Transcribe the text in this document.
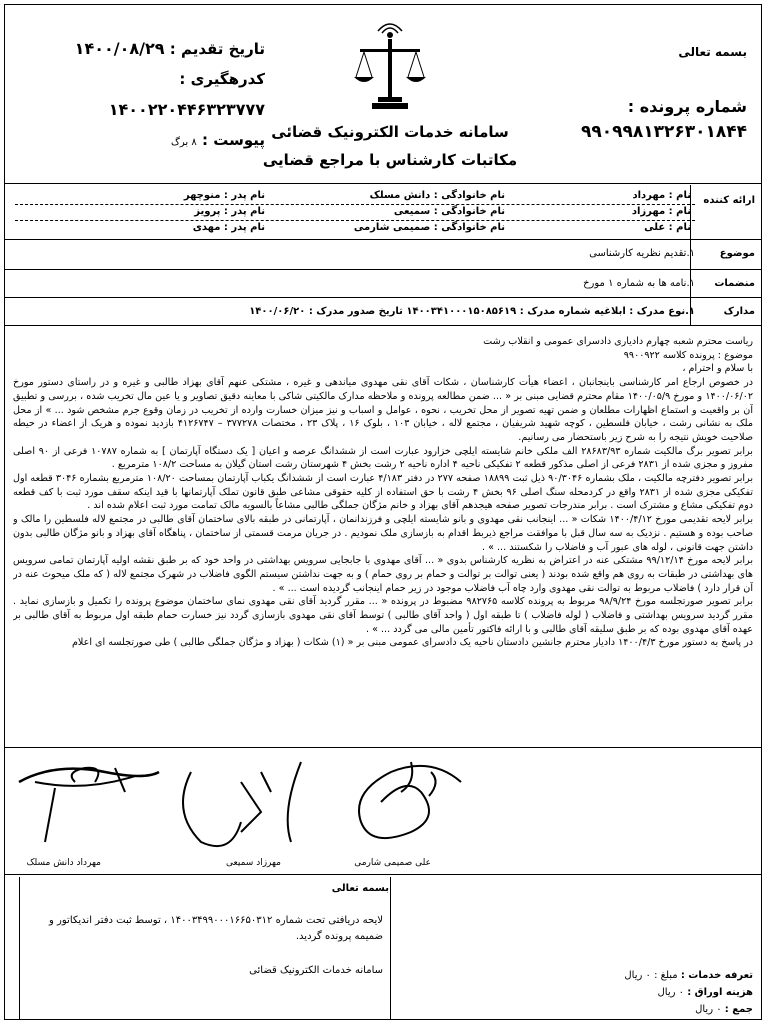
بسمه تعالی
شماره پرونده :
۹۹۰۹۹۸۱۳۲۶۳۰۱۸۴۴
سامانه خدمات الکترونیک قضائی
مکاتبات کارشناس با مراجع قضایی
تاریخ تقدیم : ۱۴۰۰/۰۸/۲۹
کدرهگیری :
۱۴۰۰۲۲۰۴۴۶۳۲۳۷۷۷
پیوست : ۸ برگ
ارائه کننده
نام : مهرداد
نام خانوادگی : دانش مسلک
نام پدر : منوچهر
نام : مهرزاد
نام خانوادگی : سمیعی
نام پدر : پرویز
نام : علی
نام خانوادگی : صمیمی شارمی
نام پدر : مهدی
موضوع
۱.تقدیم نظریه کارشناسی
منضمات
۱.نامه ها به شماره ۱ مورخ
مدارک
۱.نوع مدرک : ابلاغیه شماره مدرک : ۱۴۰۰۳۴۱۰۰۰۱۵۰۸۵۶۱۹ تاریخ صدور مدرک : ۱۴۰۰/۰۶/۲۰

ریاست محترم شعبه چهارم دادیاری دادسرای عمومی و انقلاب رشت

موضوع : پرونده کلاسه ۹۹۰۰۹۲۲

با سلام و احترام ،

در خصوص ارجاع امر کارشناسی باینجانبان ، اعضاء هیأت کارشناسان ، شکات آقای نقی مهدوی میاندهی و غیره ، مشتکی عنهم آقای بهزاد طالبی و غیره و در راستای دستور مورخ ۱۴۰۰/۰۶/۰۲ و مورخ ۱۴۰۰/۰۵/۹ مقام محترم قضایی مبنی بر « ... ضمن مطالعه پرونده و ملاحظه مدارک مالکیتی شاکی با معاینه دقیق تصاویر و یا عین مال تخریب شده ، بررسی و تطبیق آن بر واقعیت و استماع اظهارات مطلعان و ضمن تهیه تصویر از محل تخریب ، نحوه ، عوامل و اسباب و نیز میزان خسارت وارده از تخریب در زمان وقوع جرم مشخص شود ... » از محل ملک به نشانی رشت ، خیابان فلسطین ، کوچه شهید شریفیان ، مجتمع لاله ، خیابان ۱۰۳ ، بلوک ۱۶ ، پلاک ۲۳ ، مختصات ۳۷۷۲۷۸ – ۴۱۲۶۷۴۷ بازدید نموده و هریک از اعضاء در حیطه صلاحیت خویش نتیجه را به شرح زیر باستحضار می رسانیم.

برابر تصویر برگ مالکیت شماره ۲۸۶۸۳/۹۳ الف ملکی خانم شایسته ایلچی خزارود عبارت است از ششدانگ عرصه و اعیان [ یک دستگاه آپارتمان ] به شماره ۱۰۷۸۷ فرعی از ۹۰ اصلی مفروز و مجزی شده از ۲۸۳۱ فرعی از اصلی مذکور قطعه ۲ تفکیکی ناحیه ۴ اداره ناحیه ۲ رشت بخش ۴ شهرستان رشت استان گیلان به مساحت ۱۰۸/۲ مترمربع .

برابر تصویر دفترچه مالکیت ، ملک بشماره ۹۰/۳۰۴۶ ذیل ثبت ۱۸۸۹۹ صفحه ۲۷۷ در دفتر ۴/۱۸۳ عبارت است از ششدانگ یکباب آپارتمان بمساحت ۱۰۸/۲۰ مترمربع بشماره ۳۰۴۶ قطعه اول تفکیکی مجزی شده از ۲۸۳۱ واقع در کردمحله سنگ اصلی ۹۶ بخش ۴ رشت با حق استفاده از کلیه حقوقی مشاعی طبق قانون تملک آپارتمانها با قید اینکه سقف مورد ثبت با کف قطعه دوم تفکیکی مشاع و مشترک است . برابر مندرجات تصویر صفحه هیجدهم آقای بهزاد و خانم مژگان جملگی طالبی مشاعاً بالسویه مالک تمامت مورد ثبت اعلام شده اند .

برابر لایحه تقدیمی مورخ ۱۴۰۰/۴/۱۲ شکات « ... اینجانب نقی مهدوی و بانو شایسته ایلچی و فرزندانمان ، آپارتمانی در طبقه بالای ساختمان آقای طالبی در مجتمع لاله فلسطین را مالک و صاحب بوده و هستیم . نزدیک به سه سال قبل با موافقت مراجع ذیربط اقدام به بازسازی ملک نمودیم . در جریان مرمت قسمتی از ساختمان ، پناهگاه آقای بهزاد و بانو مژگان طالبی بدون داشتن جهت قانونی ، لوله های عبور آب و فاضلاب را شکستند ... » .

برابر لایحه مورخ ۹۹/۱۲/۱۴ مشتکی عنه در اعتراض به نظریه کارشناس بدوی « ... آقای مهدوی با جابجایی سرویس بهداشتی در واحد خود که بر طبق نقشه اولیه آپارتمان تمامی سرویس های بهداشتی در طبقات به روی هم واقع شده بودند ( یعنی توالت بر توالت و حمام بر روی حمام ) و به جهت نداشتن سیستم الگوی فاضلاب در شهرک مجتمع لاله ( که ملک میحوث عنه در آن قرار دارد ) فاضلاب مربوط به توالت نقی مهدوی وارد چاه آب فاضلاب موجود در زیر حمام اینجانب گردیده است ... » .

برابر تصویر صورتجلسه مورخ ۹۸/۹/۲۴ مربوط به پرونده کلاسه ۹۸۲۷۶۵ مضبوط در پرونده « ... مقرر گردید آقای نقی مهدوی نمای ساختمان موضوع پرونده را تکمیل و بازسازی نماید . مقرر گردید سرویس بهداشتی و فاضلاب ( لوله فاضلاب ) تا طبقه اول ( واحد آقای طالبی ) توسط آقای نقی مهدوی بازسازی گردد نیز خسارت حمام طبقه اول مربوط به آقای طالبی بر عهده آقای مهدوی بوده که بر طبق سلیقه آقای طالبی و با ارائه فاکتور تأمین مالی می گردد ... » .

در پاسخ به دستور مورخ ۱۴۰۰/۴/۳ دادیار محترم جانشین دادستان ناحیه یک دادسرای عمومی مبنی بر « (۱) شکات ( بهزاد و مژگان جملگی طالبی ) طی صورتجلسه ای اعلام

علی صمیمی شارمی
مهرزاد سمیعی
مهرداد دانش مسلک
بسمه تعالی
لایحه دریافتی تحت شماره ۱۴۰۰۳۴۹۹۰۰۰۱۶۶۵۰۳۱۲ ، توسط ثبت دفتر اندیکاتور و ضمیمه پرونده گردید.
سامانه خدمات الکترونیک قضائی	تعرفه خدمات : مبلغ : ۰ ریال
هزینه اوراق : ۰ ریال
جمع : ۰ ریال
